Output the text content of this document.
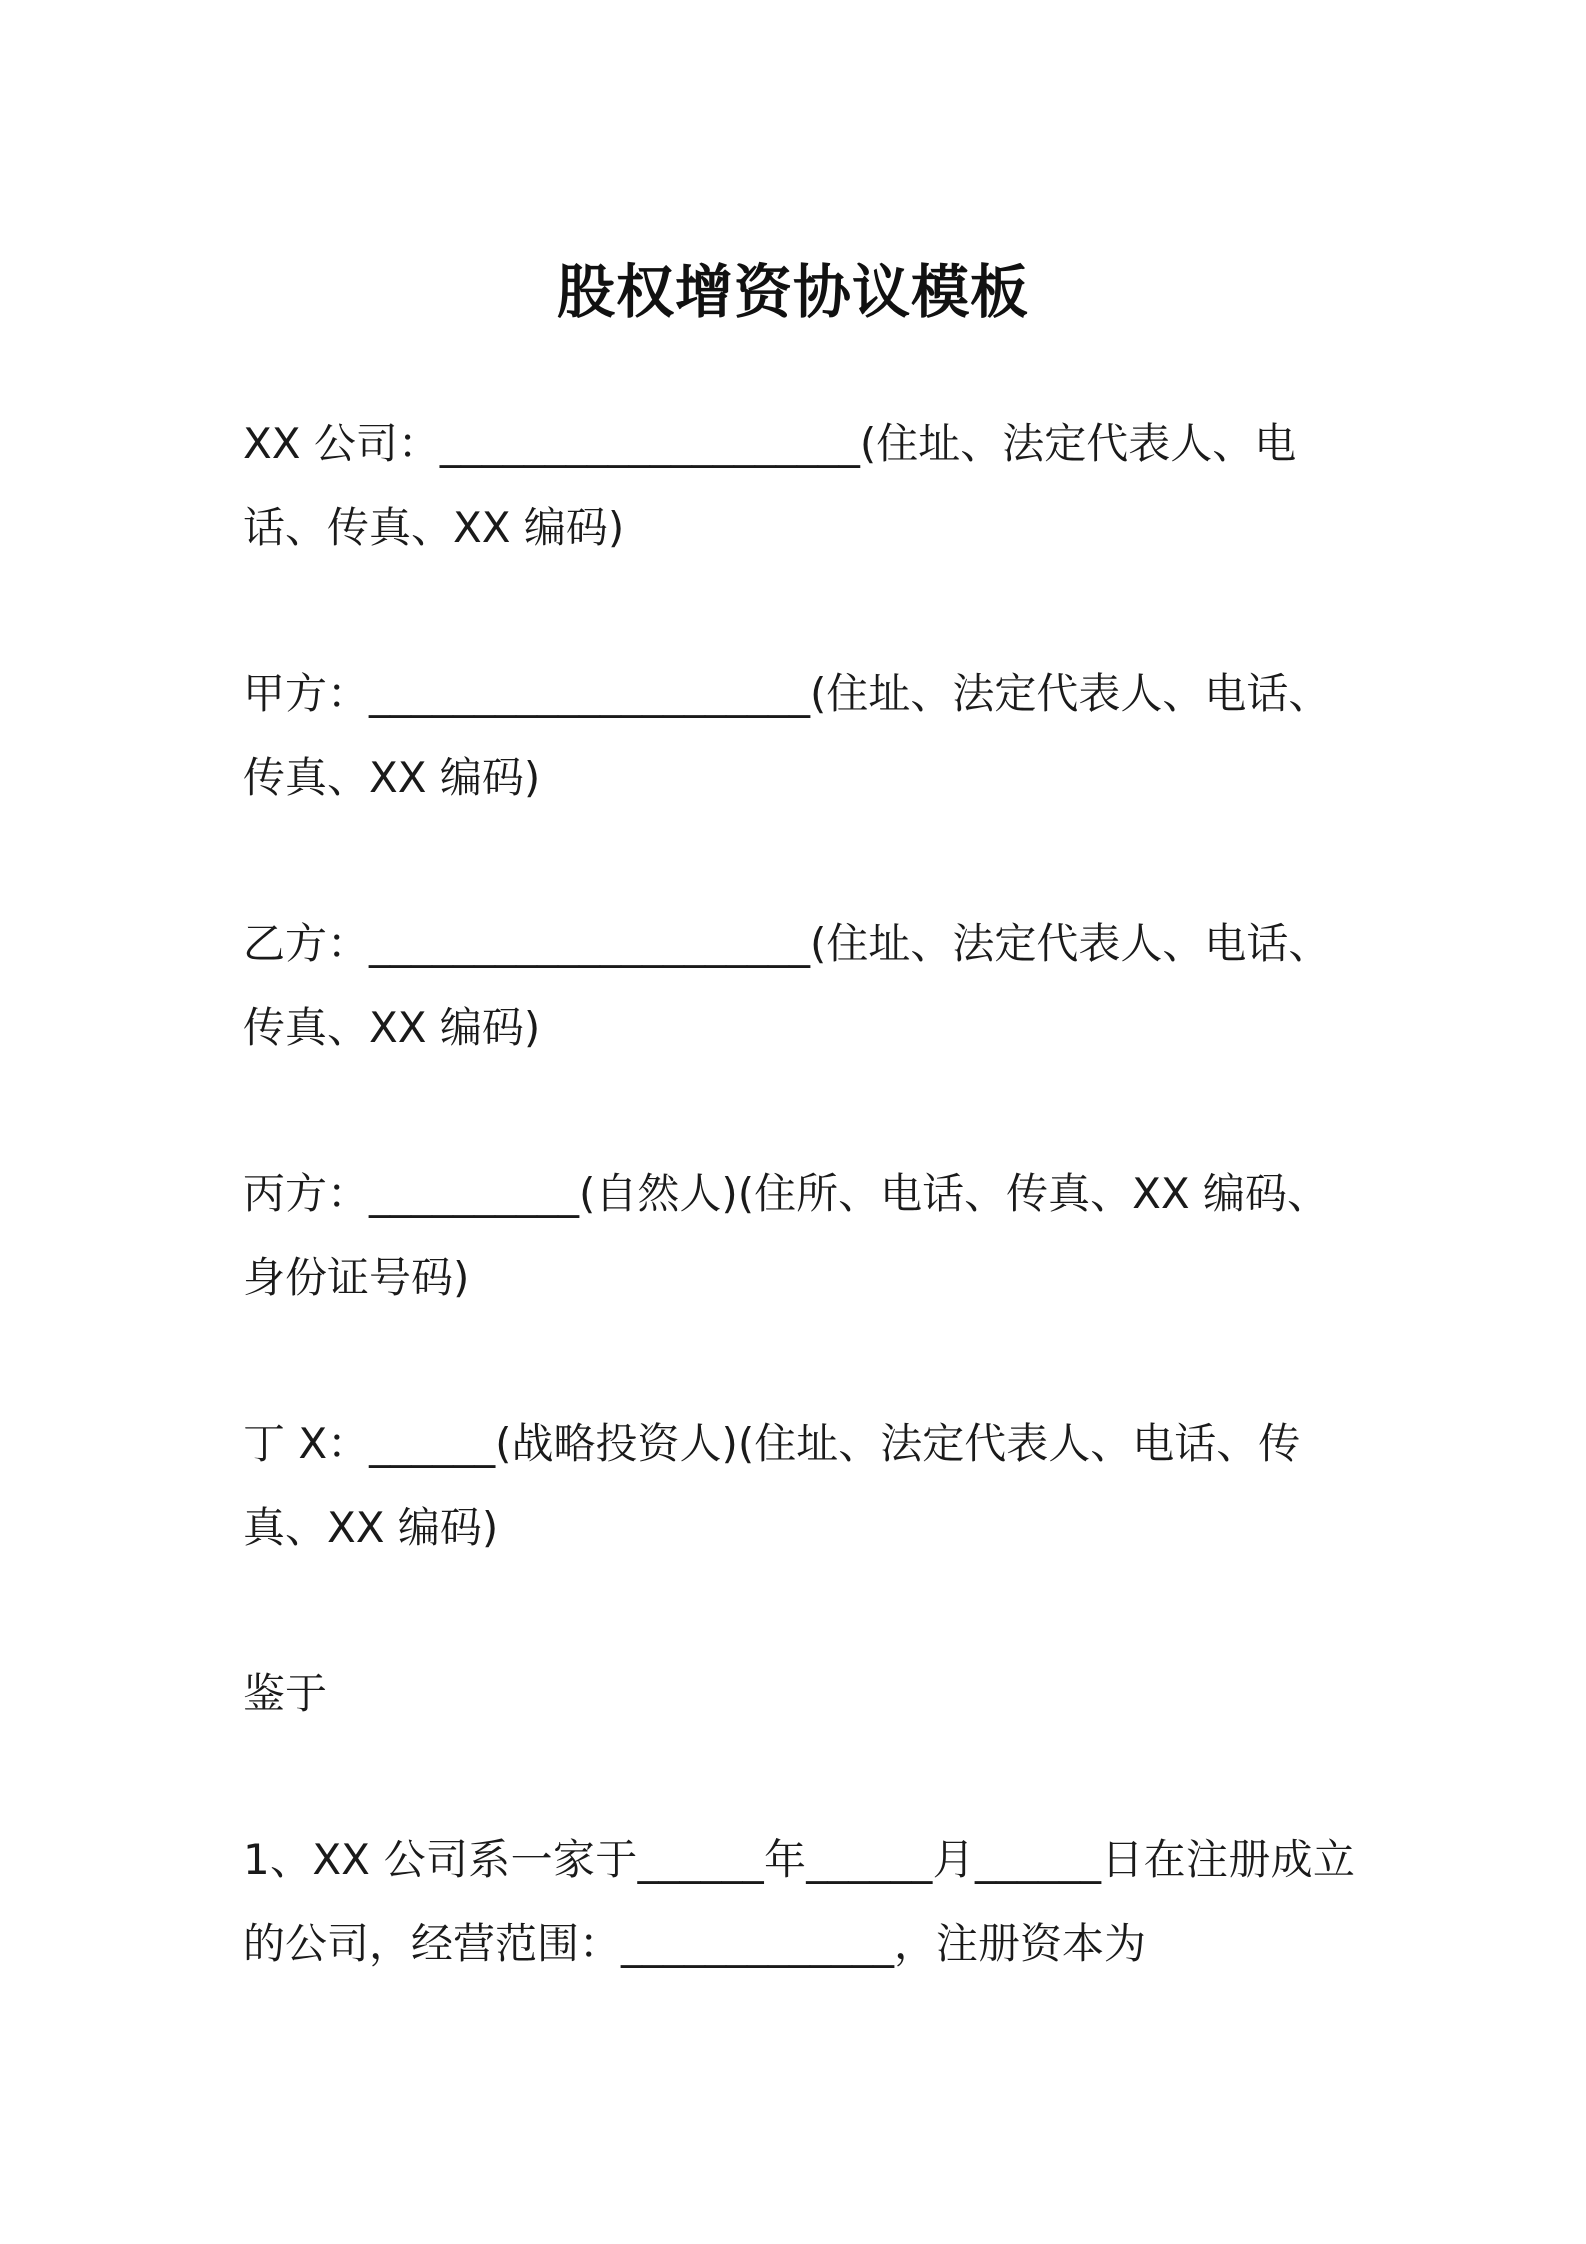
股权增资协议模板
XX 公司：____________________(住址、法定代表人、电话、传真、XX 编码)
甲方：_____________________(住址、法定代表人、电话、传真、XX 编码)
乙方：_____________________(住址、法定代表人、电话、传真、XX 编码)
丙方：__________(自然人)(住所、电话、传真、XX 编码、身份证号码)
丁 X：______(战略投资人)(住址、法定代表人、电话、传真、XX 编码)
鉴于
1、XX 公司系一家于______年______月______日在注册成立的公司，经营范围：_____________，注册资本为
